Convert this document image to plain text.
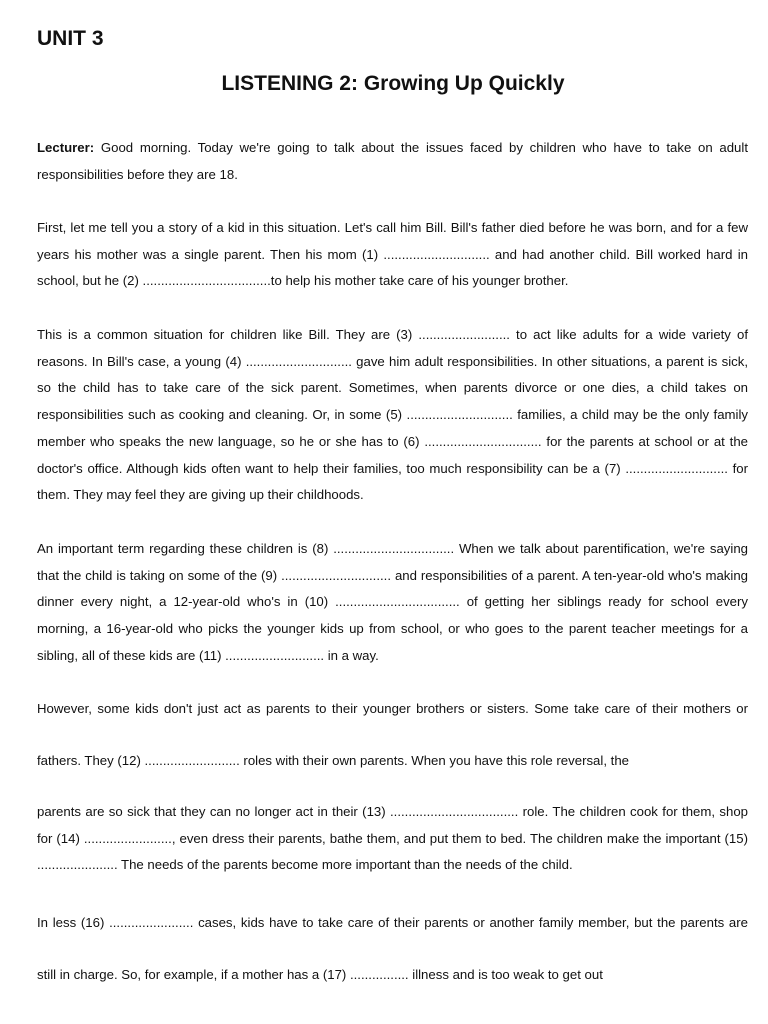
UNIT 3
LISTENING 2: Growing Up Quickly

Lecturer: Good morning. Today we're going to talk about the issues faced by children who have to take on adult responsibilities before they are 18.

First, let me tell you a story of a kid in this situation. Let's call him Bill. Bill's father died before he was born, and for a few years his mother was a single parent. Then his mom (1) ............................. and had another child. Bill worked hard in school, but he (2) ...................................to help his mother take care of his younger brother.

This is a common situation for children like Bill. They are (3) ......................... to act like adults for a wide variety of reasons. In Bill's case, a young (4) ............................. gave him adult responsibilities. In other situations, a parent is sick, so the child has to take care of the sick parent. Sometimes, when parents divorce or one dies, a child takes on responsibilities such as cooking and cleaning. Or, in some (5) ............................. families, a child may be the only family member who speaks the new language, so he or she has to (6) ................................ for the parents at school or at the doctor's office. Although kids often want to help their families, too much responsibility can be a (7) ............................ for them. They may feel they are giving up their childhoods.

An important term regarding these children is (8) ................................. When we talk about parentification, we're saying that the child is taking on some of the (9) .............................. and responsibilities of a parent. A ten-year-old who's making dinner every night, a 12-year-old who's in (10) .................................. of getting her siblings ready for school every morning, a 16-year-old who picks the younger kids up from school, or who goes to the parent teacher meetings for a sibling, all of these kids are (11) ........................... in a way.

However, some kids don't just act as parents to their younger brothers or sisters. Some take care of their mothers or fathers. They (12) .......................... roles with their own parents. When you have this role reversal, the

parents are so sick that they can no longer act in their (13) ................................... role. The children cook for them, shop for (14) ........................, even dress their parents, bathe them, and put them to bed. The children make the important (15) ...................... The needs of the parents become more important than the needs of the child.

In less (16) ....................... cases, kids have to take care of their parents or another family member, but the parents are still in charge. So, for example, if a mother has a (17) ................ illness and is too weak to get out
